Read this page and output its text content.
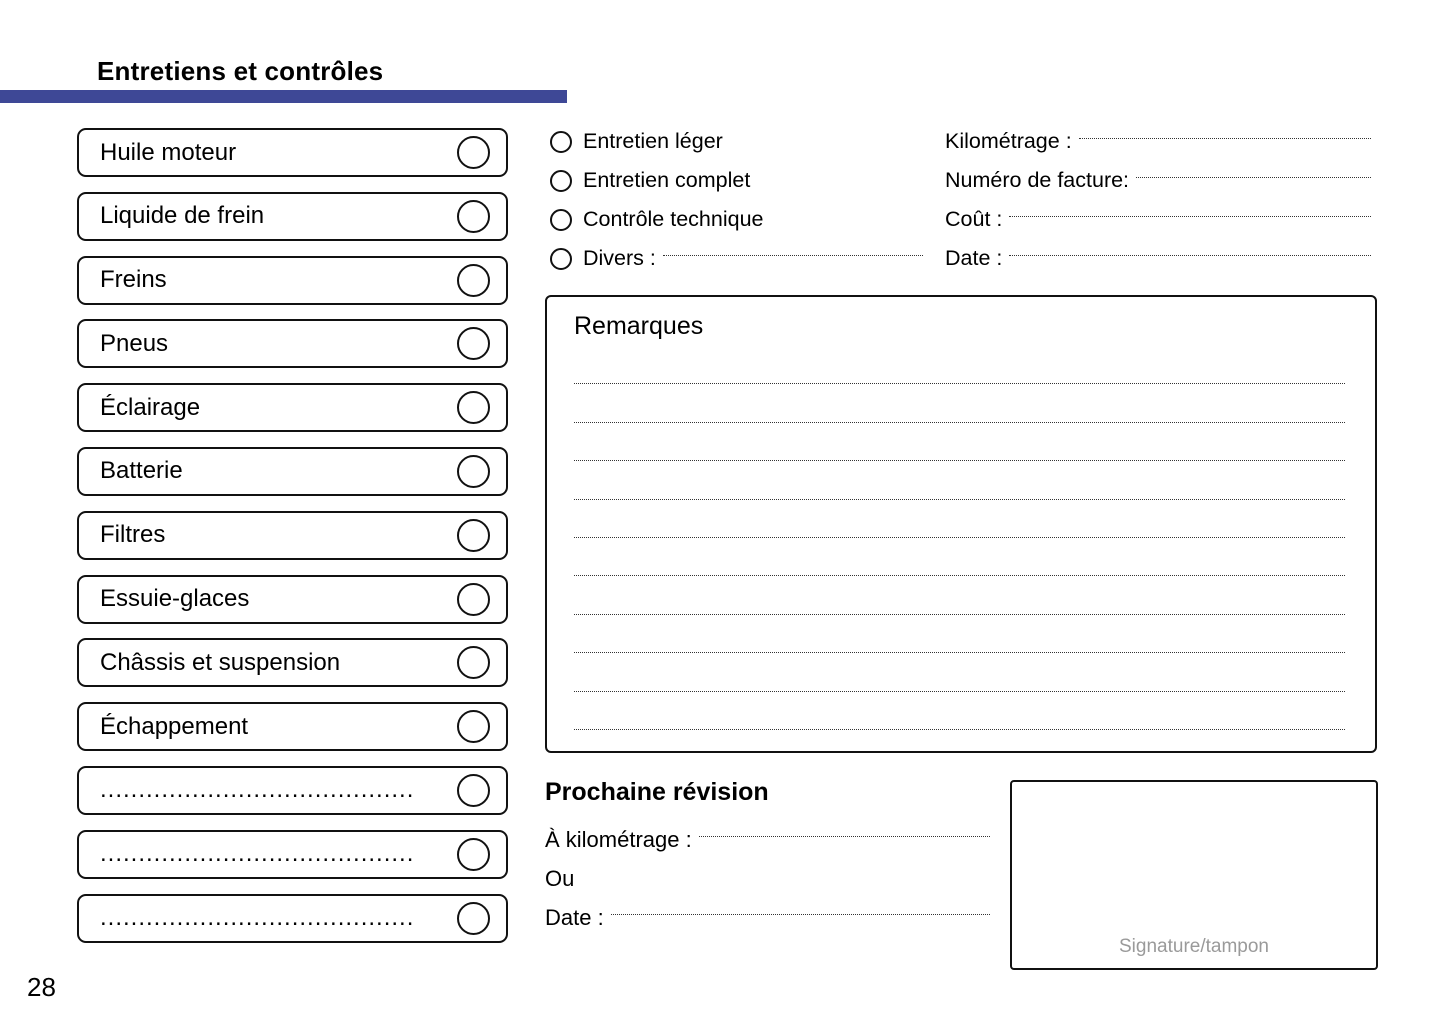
Entretiens et contrôles
Huile moteur
Liquide de frein
Freins
Pneus
Éclairage
Batterie
Filtres
Essuie-glaces
Châssis et suspension
Échappement
.........................................
.........................................
.........................................
Entretien léger
Entretien complet
Contrôle technique
Divers :
Kilométrage :
Numéro de facture:
Coût :
Date :
Remarques
Prochaine révision
À kilométrage :
Ou
Date :
Signature/tampon
28
